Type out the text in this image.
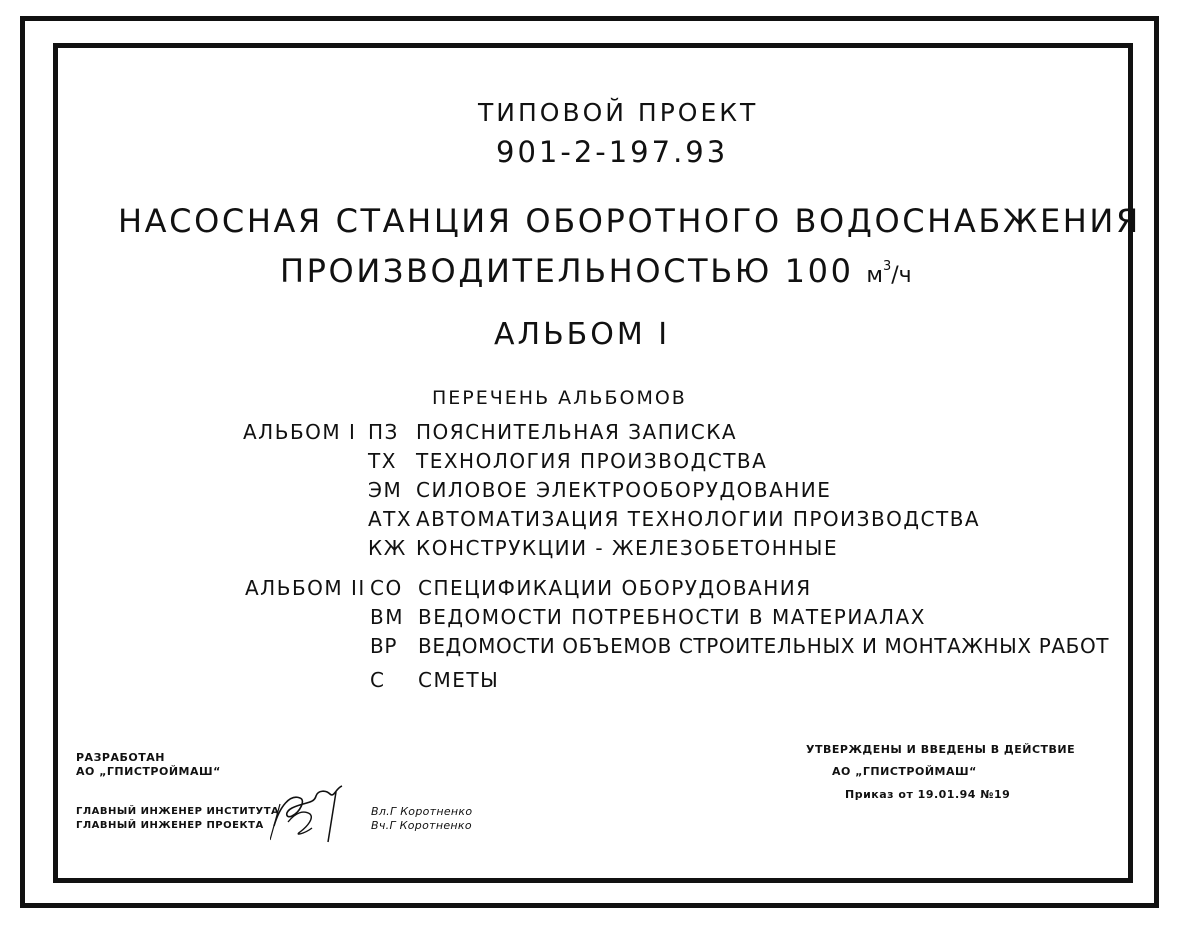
ТИПОВОЙ ПРОЕКТ
901-2-197.93
НАСОСНАЯ СТАНЦИЯ ОБОРОТНОГО ВОДОСНАБЖЕНИЯ
ПРОИЗВОДИТЕЛЬНОСТЬЮ 100 $м^3/ч$
АЛЬБОМ I
ПЕРЕЧЕНЬ АЛЬБОМОВ
АЛЬБОМ I ПЗ ПОЯСНИТЕЛЬНАЯ ЗАПИСКА
ТХ ТЕХНОЛОГИЯ ПРОИЗВОДСТВА
ЭМ СИЛОВОЕ ЭЛЕКТРООБОРУДОВАНИЕ
АТХ АВТОМАТИЗАЦИЯ ТЕХНОЛОГИИ ПРОИЗВОДСТВА
КЖ КОНСТРУКЦИИ - ЖЕЛЕЗОБЕТОННЫЕ
АЛЬБОМ II СО СПЕЦИФИКАЦИИ ОБОРУДОВАНИЯ
ВМ ВЕДОМОСТИ ПОТРЕБНОСТИ В МАТЕРИАЛАХ
ВР ВЕДОМОСТИ ОБЪЕМОВ СТРОИТЕЛЬНЫХ И МОНТАЖНЫХ РАБОТ
С СМЕТЫ
РАЗРАБОТАН
АО „ГПИСТРОЙМАШ“
ГЛАВНЫЙ ИНЖЕНЕР ИНСТИТУТА
ГЛАВНЫЙ ИНЖЕНЕР ПРОЕКТА
Вл.Г Коротненко
Вч.Г Коротненко
УТВЕРЖДЕНЫ И ВВЕДЕНЫ В ДЕЙСТВИЕ
АО „ГПИСТРОЙМАШ“
Приказ от 19.01.94 №19
